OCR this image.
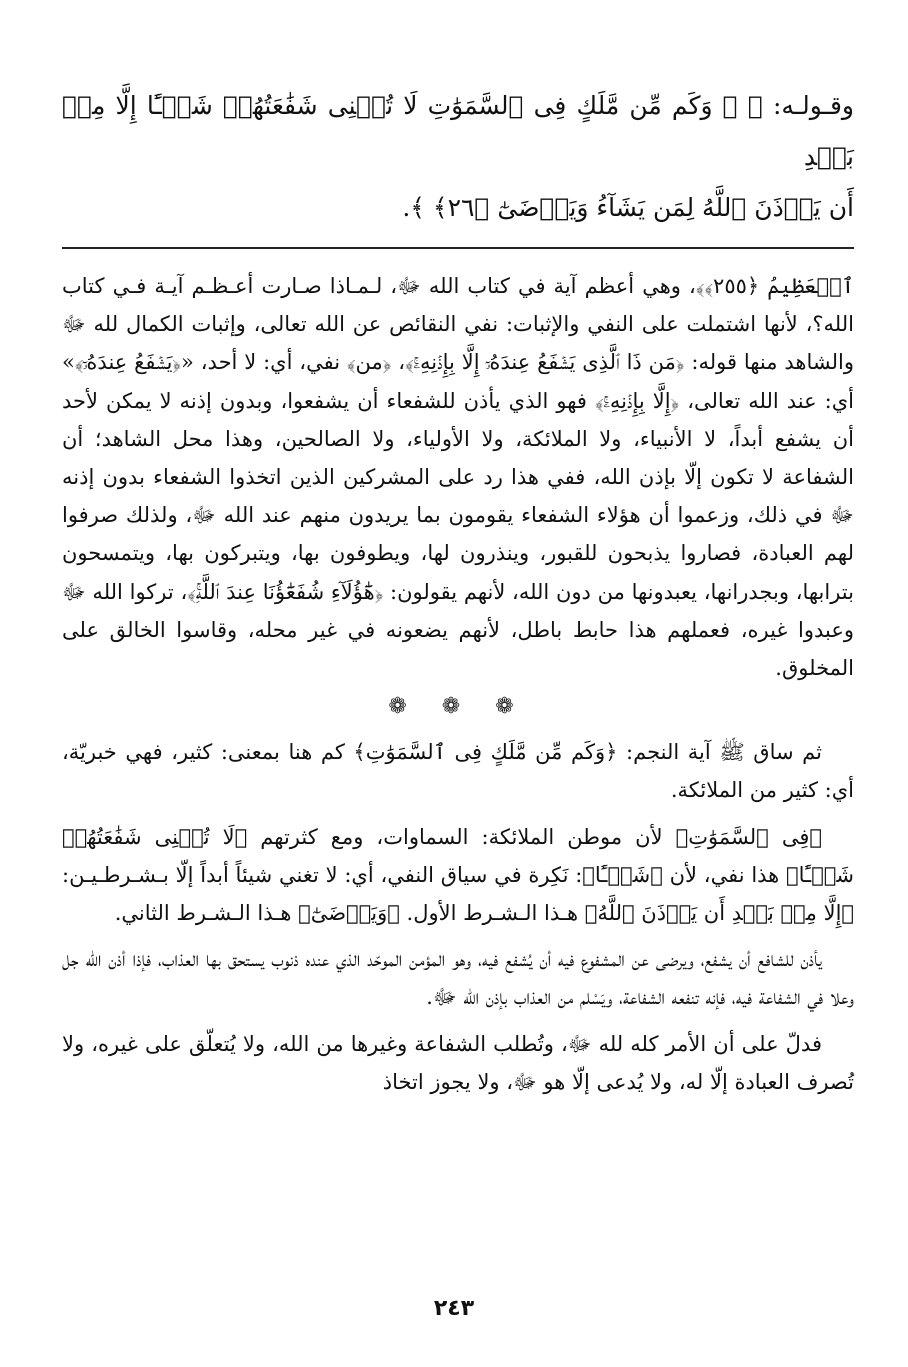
وقـولـه: ﴿ ۞ وَكَم مِّن مَّلَكٍ فِى ٱلسَّمَوَٰتِ لَا تُغۡنِى شَفَٰعَتُهُمۡ شَيۡـًٔا إِلَّا مِنۢ بَعۡدِ

أَن يَأۡذَنَ ٱللَّهُ لِمَن يَشَآءُ وَيَرۡضَىٰٓ ﴿٢٦﴾ ﴾.

ٱلۡعَظِيمُ ﴿٢٥٥﴾﴾، وهي أعظم آية في كتاب الله ﷻ، لـمـاذا صـارت أعـظـم آيـة فـي كتاب الله؟، لأنها اشتملت على النفي والإثبات: نفي النقائص عن الله تعالى، وإثبات الكمال لله ﷻ والشاهد منها قوله: ﴿مَن ذَا ٱلَّذِى يَشۡفَعُ عِندَهُۥٓ إِلَّا بِإِذۡنِهِۦۚ﴾، ﴿من﴾ نفي، أي: لا أحد، «﴿يَشۡفَعُ عِندَهُۥٓ﴾» أي: عند الله تعالى، ﴿إِلَّا بِإِذۡنِهِۦۚ﴾ فهو الذي يأذن للشفعاء أن يشفعوا، وبدون إذنه لا يمكن لأحد أن يشفع أبداً، لا الأنبياء، ولا الملائكة، ولا الأولياء، ولا الصالحين، وهذا محل الشاهد؛ أن الشفاعة لا تكون إلّا بإذن الله، ففي هذا رد على المشركين الذين اتخذوا الشفعاء بدون إذنه ﷻ في ذلك، وزعموا أن هؤلاء الشفعاء يقومون بما يريدون منهم عند الله ﷻ، ولذلك صرفوا لهم العبادة، فصاروا يذبحون للقبور، وينذرون لها، ويطوفون بها، ويتبركون بها، ويتمسحون بترابها، وبجدرانها، يعبدونها من دون الله، لأنهم يقولون: ﴿هَٰٓؤُلَآءِ شُفَعَٰٓؤُنَا عِندَ ٱللَّهِۚ﴾، تركوا الله ﷻ وعبدوا غيره، فعملهم هذا حابط باطل، لأنهم يضعونه في غير محله، وقاسوا الخالق على المخلوق.

❁ ❁ ❁

ثم ساق ﷺ آية النجم: ﴿وَكَم مِّن مَّلَكٍ فِى ٱلسَّمَوَٰتِ﴾ كم هنا بمعنى: كثير، فهي خبريّة، أي: كثير من الملائكة.

﴿فِى ٱلسَّمَوَٰتِ﴾ لأن موطن الملائكة: السماوات، ومع كثرتهم ﴿لَا تُغۡنِى شَفَٰعَتُهُمۡ شَيۡـًٔا﴾ هذا نفي، لأن ﴿شَيۡـًٔا﴾: نَكِرة في سياق النفي، أي: لا تغني شيئاً أبداً إلّا بـشـرطـيـن: ﴿إِلَّا مِنۢ بَعۡدِ أَن يَأۡذَنَ ٱللَّهُ﴾ هـذا الـشـرط الأول. ﴿وَيَرۡضَىٰٓ﴾ هـذا الـشـرط الثاني.

يأذن للشافع أن يشفع، ويرضى عن المشفوع فيه أن يُشفع فيه، وهو المؤمن الموحّد الذي عنده ذنوب يستحق بها العذاب، فإذا أذن الله جل وعلا في الشفاعة فيه، فإنه تنفعه الشفاعة، ويَسْلم من العذاب بإذن الله ﷻ.

فدلّ على أن الأمر كله لله ﷻ، وتُطلب الشفاعة وغيرها من الله، ولا يُتعلّق على غيره، ولا تُصرف العبادة إلّا له، ولا يُدعى إلّا هو ﷻ، ولا يجوز اتخاذ

٢٤٣
